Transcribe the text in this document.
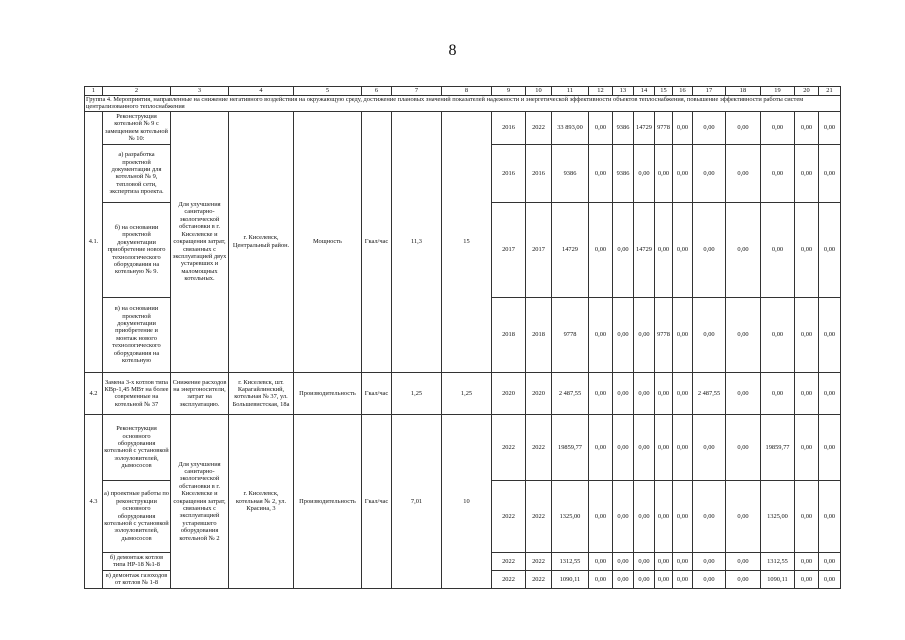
8
1	2	3	4	5	6	7	8	9	10	11	12	13	14	15	16	17	18	19	20	21
Группа 4. Мероприятия, направленные на снижение негативного воздействия на окружающую среду, достижение плановых значений показателей надежности и энергетической эффективности объектов теплоснабжения, повышение эффективности работы систем централизованного теплоснабжения																				
4.1.	Реконструкция котельной № 9 с замещением котельной № 10:	Для улучшения санитарно-экологической обстановки в г. Киселевске и сокращения затрат, связанных с эксплуатацией двух устаревших и маломощных котельных.	г. Киселевск, Центральный район.	Мощность	Гкал/час	11,3	15	2016	2022	33 893,00	0,00	9386	14729	9778	0,00	0,00	0,00	0,00	0,00	0,00
	а) разработка проектной документации для котельной № 9, тепловой сети, экспертиза проекта.							2016	2016	9386	0,00	9386	0,00	0,00	0,00	0,00	0,00	0,00	0,00	0,00
	б) на основании проектной документации приобретение нового технологического оборудования на котельную № 9.							2017	2017	14729	0,00	0,00	14729	0,00	0,00	0,00	0,00	0,00	0,00	0,00
	в) на основании проектной документации приобретение и монтаж нового технологического оборудования на котельную							2018	2018	9778	0,00	0,00	0,00	9778	0,00	0,00	0,00	0,00	0,00	0,00
4.2	Замена 3-х котлов типа КВр-1,45 МВт на более современные на котельной № 37	Снижение расходов на энергоносители, затрат на эксплуатацию.	г. Киселевск, шт. Карагайлинский, котельная № 37, ул. Большевистская, 18а	Производительность	Гкал/час	1,25	1,25	2020	2020	2 487,55	0,00	0,00	0,00	0,00	0,00	2 487,55	0,00	0,00	0,00	0,00
4.3	Реконструкция основного оборудования котельной с установкой золоуловителей, дымососов	Для улучшения санитарно-экологической обстановки в г. Киселевске и сокращения затрат, связанных с эксплуатацией устаревшего оборудования котельной № 2	г. Киселевск, котельная № 2, ул. Красина, 3	Производительность	Гкал/час	7,01	10	2022	2022	19859,77	0,00	0,00	0,00	0,00	0,00	0,00	0,00	19859,77	0,00	0,00
	а) проектные работы по реконструкции основного оборудования котельной с установкой золоуловителей, дымососов							2022	2022	1325,00	0,00	0,00	0,00	0,00	0,00	0,00	0,00	1325,00	0,00	0,00
	б) демонтаж котлов типа НР-18 №1-8							2022	2022	1312,55	0,00	0,00	0,00	0,00	0,00	0,00	0,00	1312,55	0,00	0,00
	в) демонтаж газоходов от котлов № 1-8							2022	2022	1090,11	0,00	0,00	0,00	0,00	0,00	0,00	0,00	1090,11	0,00	0,00
